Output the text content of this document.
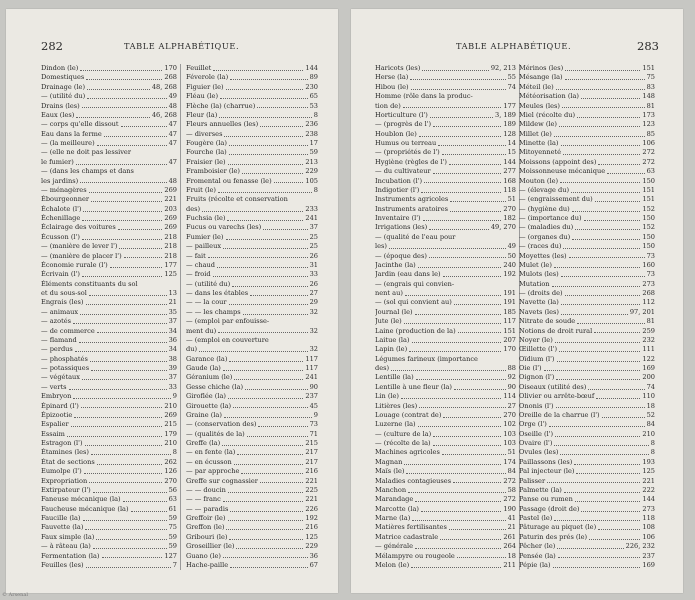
282	TABLE ALPHABÉTIQUE.
Dindon (le)	170
Domestiques	268
Drainage (le)	48, 268
— (utilité du)	49
Drains (les)	48
Eaux (les)	46, 268
— corps qu'elle dissout	47
Eau dans la ferme	47
— (la meilleure)	47
— (elle ne doit pas lessiver
le fumier)	47
— (dans les champs et dans
les jardins)	48
— ménagères	269
Ébourgeonner	221
Échalote (l')	203
Échenillage	269
Éclairage des voitures	269
Écusson (l')	218
— (manière de lever l')	218
— (manière de placer l')	218
Économie rurale (l')	177
Écrivain (l')	125
Éléments constituants du sol
et du sous-sol	13
Engrais (les)	21
— animaux	35
— azotés	37
— de commerce	34
— flamand	36
— perdus	34
— phosphatés	38
— potassiques	39
— végétaux	37
— verts	33
Embryon	9
Épinard (l')	210
Épizootie	269
Espalier	215
Essaim	179
Estragon (l')	210
Étamines (les)	8
État de sections	262
Eumolpe (l')	126
Expropriation	270
Extirpateur (l')	56
Faneuse mécanique (la)	63
Faucheuse mécanique (la)	61
Faucille (la)	59
Fauvette (la)	75
Faux simple (la)	59
— à râteau (la)	59
Fermentation (la)	127
Feuilles (les)	7
Feuillet	144
Féverole (la)	89
Figuier (le)	230
Fléau (le)	65
Flèche (la) (charrue)	53
Fleur (la)	8
Fleurs annuelles (les)	236
— diverses	238
Fougère (la)	17
Fourche (la)	59
Fraisier (le)	213
Framboisier (le)	229
Fromental ou fenasse (le)	105
Fruit (le)	8
Fruits (récolte et conservation
des)	233
Fuchsia (le)	241
Fucus ou varechs (les)	37
Fumier (le)	25
— pailleux	25
— fait	26
— chaud	31
— froid	33
— (utilité du)	26
— dans les étables	27
— — la cour	29
— — les champs	32
— (emploi par enfouisse-
ment du)	32
— (emploi en couverture
du)	32
Garance (la)	117
Gaude (la)	117
Géranium (le)	241
Gesse chiche (la)	90
Giroflée (la)	237
Girouette (la)	45
Graine (la)	9
— (conservation des)	73
— (qualités de la)	71
Greffe (la)	215
— en fente (la)	217
— en écusson	217
— par approche	216
Greffe sur cognassier	221
— — doucin	225
— — franc	221
— — paradis	226
Greffoir (le)	192
Greffon (le)	216
Gribouri (le)	125
Groseillier (le)	229
Guano (le)	36
Hache-paille	67
283
TABLE ALPHABÉTIQUE.
Haricots (les)	92, 213
Herse (la)	55
Hibou (le)	74
Homme (rôle dans la produc-
tion de)	177
Horticulture (l')	3, 189
— (progrès de l')	189
Houblon (le)	128
Humus ou terreau	14
— (propriétés de l')	15
Hygiène (règles de l')	144
— du cultivateur	277
Incubation (l')	168
Indigotier (l')	118
Instruments agricoles	51
Instruments aratoires	270
Inventaire (l')	182
Irrigations (les)	49, 270
— (qualité de l'eau pour
les)	49
— (époque des)	50
Jacinthe (la)	240
Jardin (eau dans le)	192
— (engrais qui convien-
nent au)	191
— (sol qui convient au)	191
Journal (le)	185
Jute (le)	117
Laine (production de la)	151
Laitue (la)	207
Lapin (le)	170
Légumes farineux (importance
des)	88
Lentille (la)	92
Lentille à une fleur (la)	90
Lin (le)	114
Litières (les)	27
Louage (contrat de)	270
Luzerne (la)	102
— (culture de la)	103
— (récolte de la)	103
Machines agricoles	51
Magnan	174
Maïs (le)	84
Maladies contagieuses	272
Manchon	58
Marandage	272
Marcotte (la)	190
Marne (la)	41
Matières fertilisantes	21
Matrice cadastrale	261
— générale	264
Mélampyre ou rougeole	18
Melon (le)	211
Mérinos (les)	151
Mésange (la)	75
Méteil (le)	83
Météorisation (la)	148
Meules (les)	81
Miel (récolte du)	173
Mildew (le)	123
Millet (le)	85
Minette (la)	106
Mitoyenneté	272
Moissons (appoint des)	272
Moissonneuse mécanique	63
Mouton (le)	150
— (élevage du)	151
— (engraissement du)	151
— (hygiène du)	152
— (importance du)	150
— (maladies du)	152
— (organes du)	150
— (races du)	150
Moyettes (les)	73
Mulet (le)	160
Mulots (les)	73
Mutation	273
— (droits de)	268
Navette (la)	112
Navets (les)	97, 201
Nitrate de soude	81
Notions de droit rural	259
Noyer (le)	232
Œillette (l')	111
Oïdium (l')	122
Oie (l')	169
Oignon (l')	200
Oiseaux (utilité des)	74
Olivier ou arrête-bœuf	110
Ononis (l')	18
Oreille de la charrue (l')	52
Orge (l')	84
Oseille (l')	210
Ovaire (l')	8
Ovules (les)	8
Paillassons (les)	193
Pal injecteur (le)	125
Palisser	221
Palmette (la)	222
Panse ou rumen	144
Passage (droit de)	273
Pastel (le)	118
Pâturage au piquet (le)	108
Paturin des prés (le)	106
Pêcher (le)	226, 232
Pensée (la)	237
Pépie (la)	169
© Arsenal
